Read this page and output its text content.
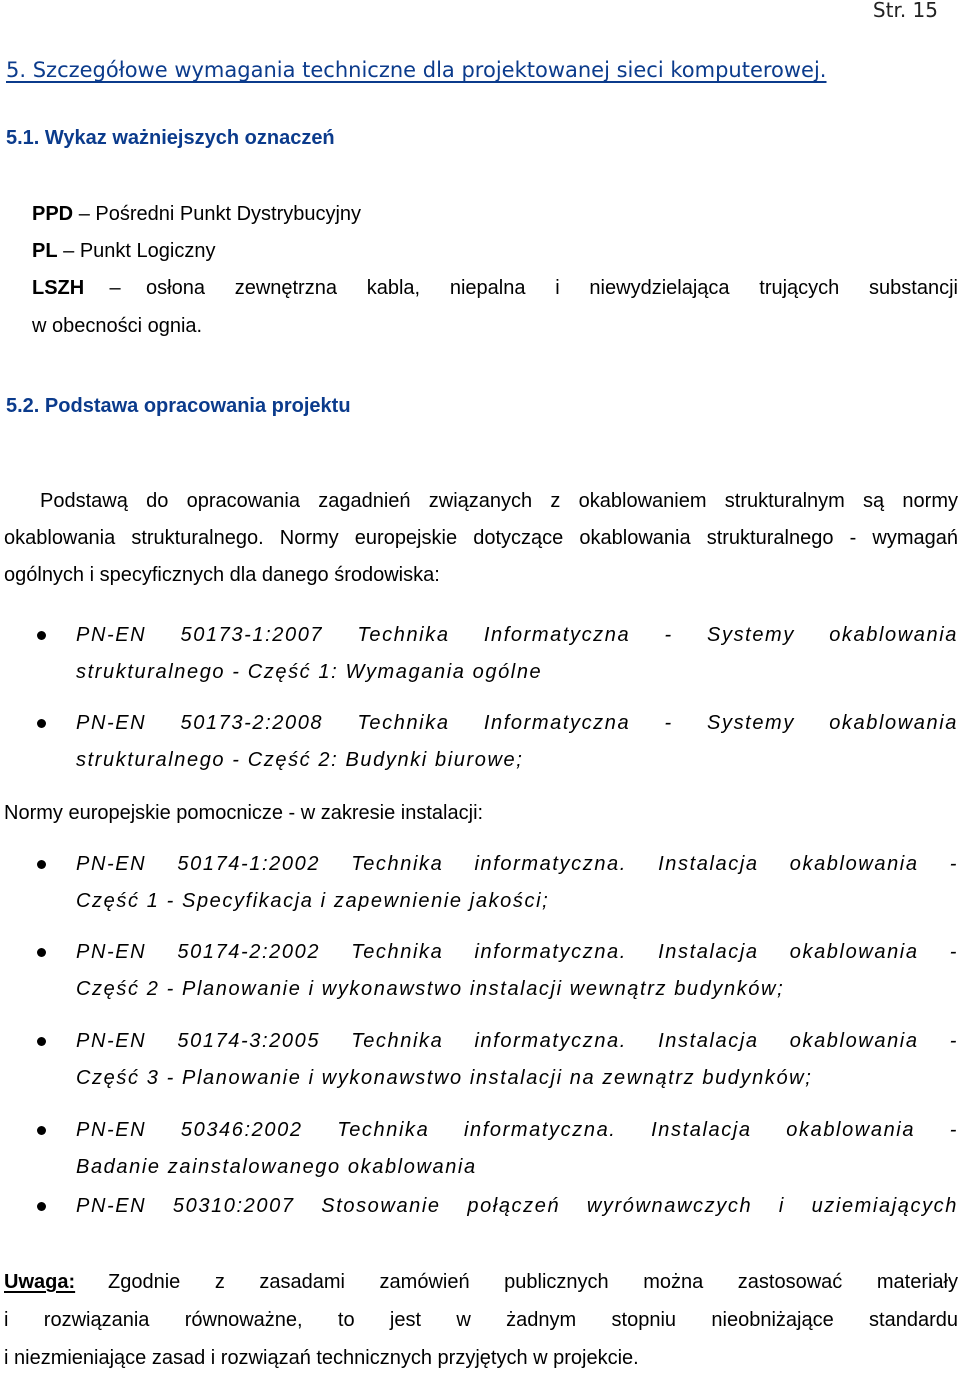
Str. 15
5. Szczegółowe wymagania techniczne dla projektowanej sieci komputerowej.
5.1. Wykaz ważniejszych oznaczeń
PPD – Pośredni Punkt Dystrybucyjny
PL – Punkt Logiczny
LSZH – osłona zewnętrzna kabla, niepalna i niewydzielająca trujących substancji
w obecności ognia.
5.2. Podstawa opracowania projektu
Podstawą do opracowania zagadnień związanych z okablowaniem strukturalnym są normy
okablowania strukturalnego. Normy europejskie dotyczące okablowania strukturalnego - wymagań
ogólnych i specyficznych dla danego środowiska:
PN-EN 50173-1:2007 Technika Informatyczna - Systemy okablowania
strukturalnego - Część 1: Wymagania ogólne
PN-EN 50173-2:2008 Technika Informatyczna - Systemy okablowania
strukturalnego - Część 2: Budynki biurowe;
Normy europejskie pomocnicze - w zakresie instalacji:
PN-EN 50174-1:2002 Technika informatyczna. Instalacja okablowania -
Część 1 - Specyfikacja i zapewnienie jakości;
PN-EN 50174-2:2002 Technika informatyczna. Instalacja okablowania -
Część 2 - Planowanie i wykonawstwo instalacji wewnątrz budynków;
PN-EN 50174-3:2005 Technika informatyczna. Instalacja okablowania -
Część 3 - Planowanie i wykonawstwo instalacji na zewnątrz budynków;
PN-EN 50346:2002 Technika informatyczna. Instalacja okablowania -
Badanie zainstalowanego okablowania
PN-EN 50310:2007 Stosowanie połączeń wyrównawczych i uziemiających
Uwaga: Zgodnie z zasadami zamówień publicznych można zastosować materiały
i rozwiązania równoważne, to jest w żadnym stopniu nieobniżające standardu
i niezmieniające zasad i rozwiązań technicznych przyjętych w projekcie.
